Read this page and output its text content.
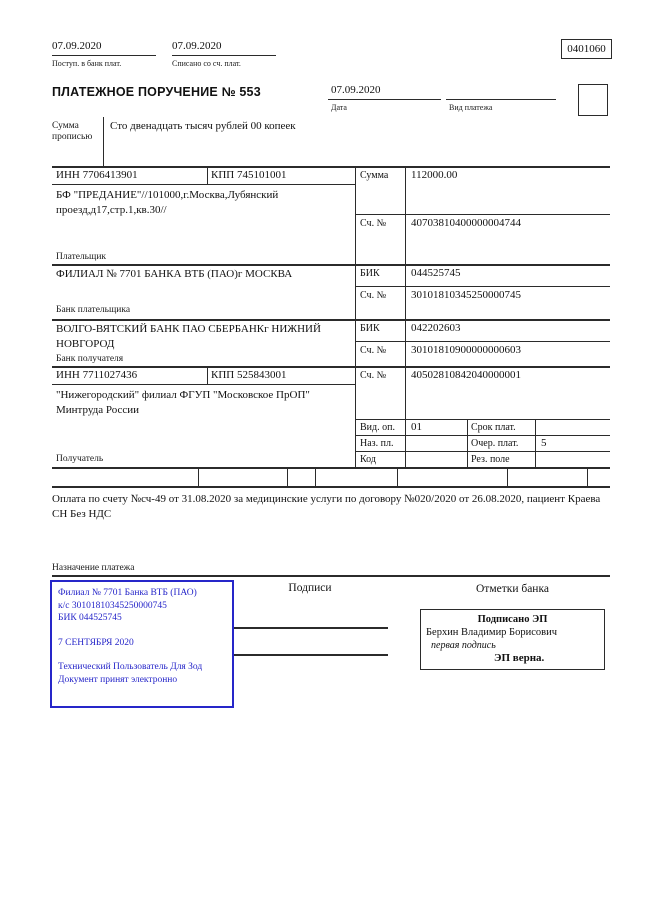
07.09.2020
Поступ. в банк плат.
07.09.2020
Списано со сч. плат.
0401060
ПЛАТЕЖНОЕ ПОРУЧЕНИЕ № 553	07.09.2020
Дата	Вид платежа
Сумма прописью
Сто двенадцать тысяч рублей 00 копеек
ИНН 7706413901	КПП 745101001
БФ "ПРЕДАНИЕ"//101000,г.Москва,Лубянский проезд,д17,стр.1,кв.30//
Плательщик
Сумма 112000.00
Сч. № 40703810400000004744
ФИЛИАЛ № 7701 БАНКА ВТБ (ПАО)г МОСКВА
Банк плательщика
БИК	044525745
Сч. № 30101810345250000745
ВОЛГО-ВЯТСКИЙ БАНК ПАО СБЕРБАНКг НИЖНИЙ НОВГОРОД
Банк получателя
БИК	042202603
Сч. № 30101810900000000603
ИНН 7711027436	КПП 525843001
"Нижегородский" филиал ФГУП "Московское ПрОП" Минтруда России
Получатель
Сч. № 40502810842040000001
Вид. оп. 01	Срок плат.
Наз. пл.	Очер. плат. 5
Код	Рез. поле
Оплата по счету №сч-49 от 31.08.2020 за медицинские услуги по договору №020/2020 от 26.08.2020, пациент Краева СН Без НДС
Назначение платежа
Подписи	Отметки банка
Филиал № 7701 Банка ВТБ (ПАО)
к/с 30101810345250000745
БИК 044525745
7 СЕНТЯБРЯ 2020
Технический Пользователь Для Зод
Документ принят электронно
Подписано ЭП
Берхин Владимир Борисович
первая подпись
ЭП верна.
